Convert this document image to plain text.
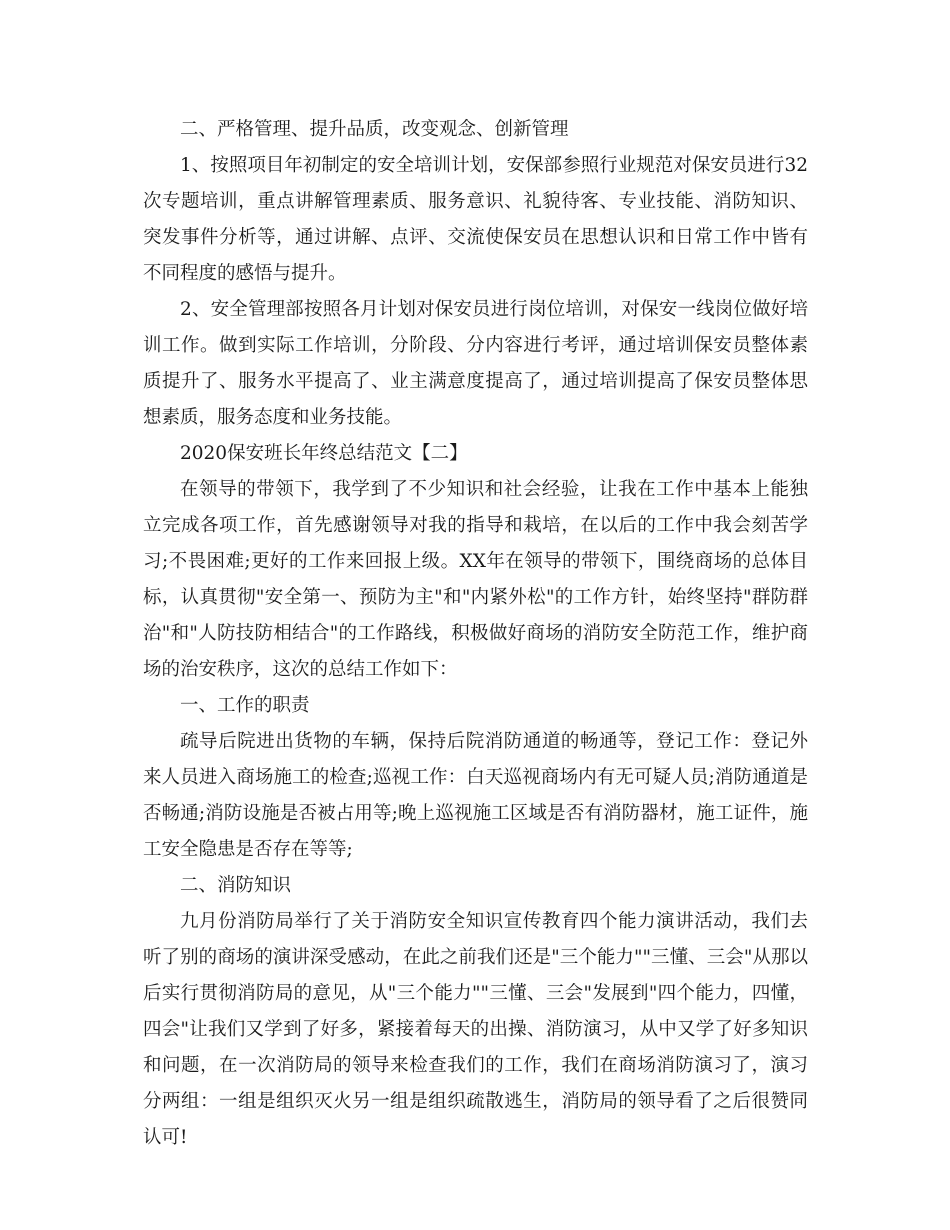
二、严格管理、提升品质，改变观念、创新管理

1、按照项目年初制定的安全培训计划，安保部参照行业规范对保安员进行32次专题培训，重点讲解管理素质、服务意识、礼貌待客、专业技能、消防知识、突发事件分析等，通过讲解、点评、交流使保安员在思想认识和日常工作中皆有不同程度的感悟与提升。

2、安全管理部按照各月计划对保安员进行岗位培训，对保安一线岗位做好培训工作。做到实际工作培训，分阶段、分内容进行考评，通过培训保安员整体素质提升了、服务水平提高了、业主满意度提高了，通过培训提高了保安员整体思想素质，服务态度和业务技能。

2020保安班长年终总结范文【二】

在领导的带领下，我学到了不少知识和社会经验，让我在工作中基本上能独立完成各项工作，首先感谢领导对我的指导和栽培，在以后的工作中我会刻苦学习;不畏困难;更好的工作来回报上级。XX年在领导的带领下，围绕商场的总体目标，认真贯彻"安全第一、预防为主"和"内紧外松"的工作方针，始终坚持"群防群治"和"人防技防相结合"的工作路线，积极做好商场的消防安全防范工作，维护商场的治安秩序，这次的总结工作如下：

一、工作的职责

疏导后院进出货物的车辆，保持后院消防通道的畅通等，登记工作：登记外来人员进入商场施工的检查;巡视工作：白天巡视商场内有无可疑人员;消防通道是否畅通;消防设施是否被占用等;晚上巡视施工区域是否有消防器材，施工证件，施工安全隐患是否存在等等;

二、消防知识

九月份消防局举行了关于消防安全知识宣传教育四个能力演讲活动，我们去听了别的商场的演讲深受感动，在此之前我们还是"三个能力""三懂、三会"从那以后实行贯彻消防局的意见，从"三个能力""三懂、三会"发展到"四个能力，四懂，四会"让我们又学到了好多，紧接着每天的出操、消防演习，从中又学了好多知识和问题，在一次消防局的领导来检查我们的工作，我们在商场消防演习了，演习分两组：一组是组织灭火另一组是组织疏散逃生，消防局的领导看了之后很赞同认可!
